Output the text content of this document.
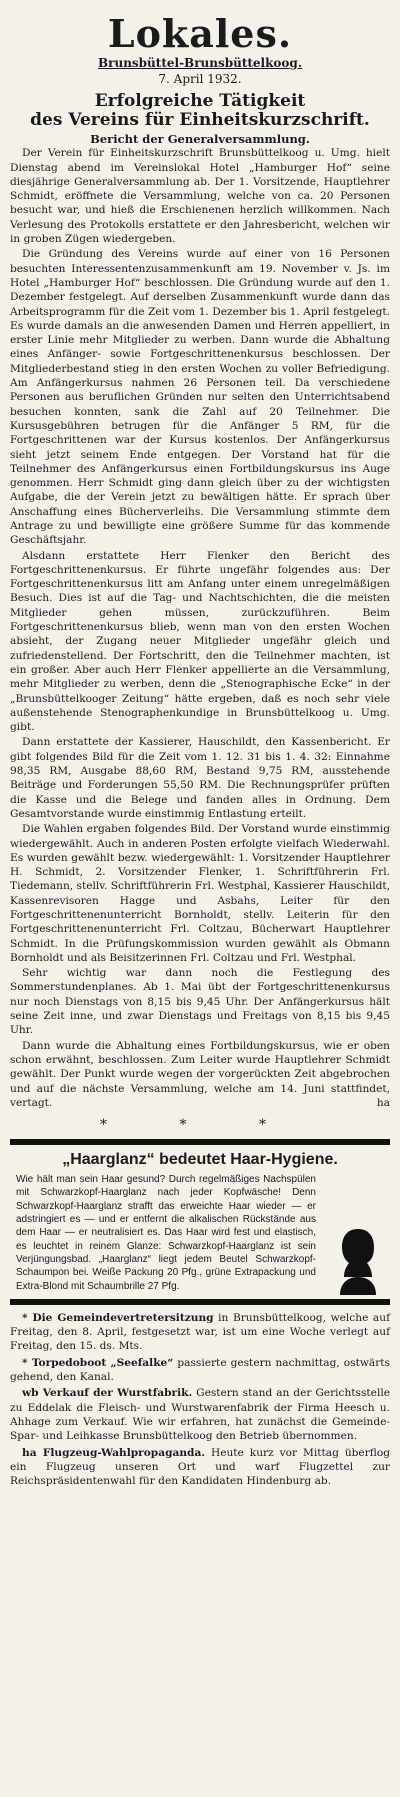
Lokales.
Brunsbüttel-Brunsbüttelkoog.
7. April 1932.
Erfolgreiche Tätigkeit
des Vereins für Einheitskurzschrift.
Bericht der Generalversammlung.

Der Verein für Einheitskurzschrift Brunsbüttelkoog u. Umg. hielt Dienstag abend im Vereinslokal Hotel „Hamburger Hof“ seine diesjährige Generalversammlung ab. Der 1. Vorsitzende, Hauptlehrer Schmidt, eröffnete die Versammlung, welche von ca. 20 Personen besucht war, und hieß die Erschienenen herzlich willkommen. Nach Verlesung des Protokolls erstattete er den Jahresbericht, welchen wir in groben Zügen wiedergeben.

Die Gründung des Vereins wurde auf einer von 16 Personen besuchten Interessentenzusammenkunft am 19. November v. Js. im Hotel „Hamburger Hof“ beschlossen. Die Gründung wurde auf den 1. Dezember festgelegt. Auf derselben Zusammenkunft wurde dann das Arbeitsprogramm für die Zeit vom 1. Dezember bis 1. April festgelegt. Es wurde damals an die anwesenden Damen und Herren appelliert, in erster Linie mehr Mitglieder zu werben. Dann wurde die Abhaltung eines Anfänger- sowie Fortgeschrittenenkursus beschlossen. Der Mitgliederbestand stieg in den ersten Wochen zu voller Befriedigung. Am Anfängerkursus nahmen 26 Personen teil. Da verschiedene Personen aus beruflichen Gründen nur selten den Unterrichtsabend besuchen konnten, sank die Zahl auf 20 Teilnehmer. Die Kursusgebühren betrugen für die Anfänger 5 RM, für die Fortgeschrittenen war der Kursus kostenlos. Der Anfängerkursus sieht jetzt seinem Ende entgegen. Der Vorstand hat für die Teilnehmer des Anfängerkursus einen Fortbildungskursus ins Auge genommen. Herr Schmidt ging dann gleich über zu der wichtigsten Aufgabe, die der Verein jetzt zu bewältigen hätte. Er sprach über Anschaffung eines Bücherverleihs. Die Versammlung stimmte dem Antrage zu und bewilligte eine größere Summe für das kommende Geschäftsjahr.

Alsdann erstattete Herr Flenker den Bericht des Fortgeschrittenenkursus. Er führte ungefähr folgendes aus: Der Fortgeschrittenenkursus litt am Anfang unter einem unregelmäßigen Besuch. Dies ist auf die Tag- und Nachtschichten, die die meisten Mitglieder gehen müssen, zurückzuführen. Beim Fortgeschrittenenkursus blieb, wenn man von den ersten Wochen absieht, der Zugang neuer Mitglieder ungefähr gleich und zufriedenstellend. Der Fortschritt, den die Teilnehmer machten, ist ein großer. Aber auch Herr Flenker appellierte an die Versammlung, mehr Mitglieder zu werben, denn die „Stenographische Ecke“ in der „Brunsbüttelkooger Zeitung“ hätte ergeben, daß es noch sehr viele außenstehende Stenographenkundige in Brunsbüttelkoog u. Umg. gibt.

Dann erstattete der Kassierer, Hauschildt, den Kassenbericht. Er gibt folgendes Bild für die Zeit vom 1. 12. 31 bis 1. 4. 32: Einnahme 98,35 RM, Ausgabe 88,60 RM, Bestand 9,75 RM, ausstehende Beiträge und Forderungen 55,50 RM. Die Rechnungsprüfer prüften die Kasse und die Belege und fanden alles in Ordnung. Dem Gesamtvorstande wurde einstimmig Entlastung erteilt.

Die Wahlen ergaben folgendes Bild. Der Vorstand wurde einstimmig wiedergewählt. Auch in anderen Posten erfolgte vielfach Wiederwahl. Es wurden gewählt bezw. wiedergewählt: 1. Vorsitzender Hauptlehrer H. Schmidt, 2. Vorsitzender Flenker, 1. Schriftführerin Frl. Tiedemann, stellv. Schriftführerin Frl. Westphal, Kassierer Hauschildt, Kassenrevisoren Hagge und Asbahs, Leiter für den Fortgeschrittenenunterricht Bornholdt, stellv. Leiterin für den Fortgeschrittenenunterricht Frl. Coltzau, Bücherwart Hauptlehrer Schmidt. In die Prüfungskommission wurden gewählt als Obmann Bornholdt und als Beisitzerinnen Frl. Coltzau und Frl. Westphal.

Sehr wichtig war dann noch die Festlegung des Sommerstundenplanes. Ab 1. Mai übt der Fortgeschrittenenkursus nur noch Dienstags von 8,15 bis 9,45 Uhr. Der Anfängerkursus hält seine Zeit inne, und zwar Dienstags und Freitags von 8,15 bis 9,45 Uhr.

Dann wurde die Abhaltung eines Fortbildungskursus, wie er oben schon erwähnt, beschlossen. Zum Leiter wurde Hauptlehrer Schmidt gewählt. Der Punkt wurde wegen der vorgerückten Zeit abgebrochen und auf die nächste Versammlung, welche am 14. Juni stattfindet, vertagt.	ha
* * *
„Haarglanz“ bedeutet Haar-Hygiene.
Wie hält man sein Haar gesund? Durch regelmäßiges Nachspülen mit Schwarzkopf-Haarglanz nach jeder Kopfwäsche! Denn Schwarzkopf-Haarglanz strafft das erweichte Haar wieder — er adstringiert es — und er entfernt die alkalischen Rückstände aus dem Haar — er neutralisiert es. Das Haar wird fest und elastisch, es leuchtet in reinem Glanze: Schwarzkopf-Haarglanz ist sein Verjüngungsbad. „Haarglanz“ liegt jedem Beutel Schwarzkopf-Schaumpon bei. Weiße Packung 20 Pfg., grüne Extrapackung und Extra-Blond mit Schaumbrille 27 Pfg.

* Die Gemeindevertretersitzung in Brunsbüttelkoog, welche auf Freitag, den 8. April, festgesetzt war, ist um eine Woche verlegt auf Freitag, den 15. ds. Mts.

* Torpedoboot „Seefalke“ passierte gestern nachmittag, ostwärts gehend, den Kanal.

wb Verkauf der Wurstfabrik. Gestern stand an der Gerichtsstelle zu Eddelak die Fleisch- und Wurstwarenfabrik der Firma Heesch u. Ahhage zum Verkauf. Wie wir erfahren, hat zunächst die Gemeinde-Spar- und Leihkasse Brunsbüttelkoog den Betrieb übernommen.

ha Flugzeug-Wahlpropaganda. Heute kurz vor Mittag überflog ein Flugzeug unseren Ort und warf Flugzettel zur Reichspräsidentenwahl für den Kandidaten Hindenburg ab.
